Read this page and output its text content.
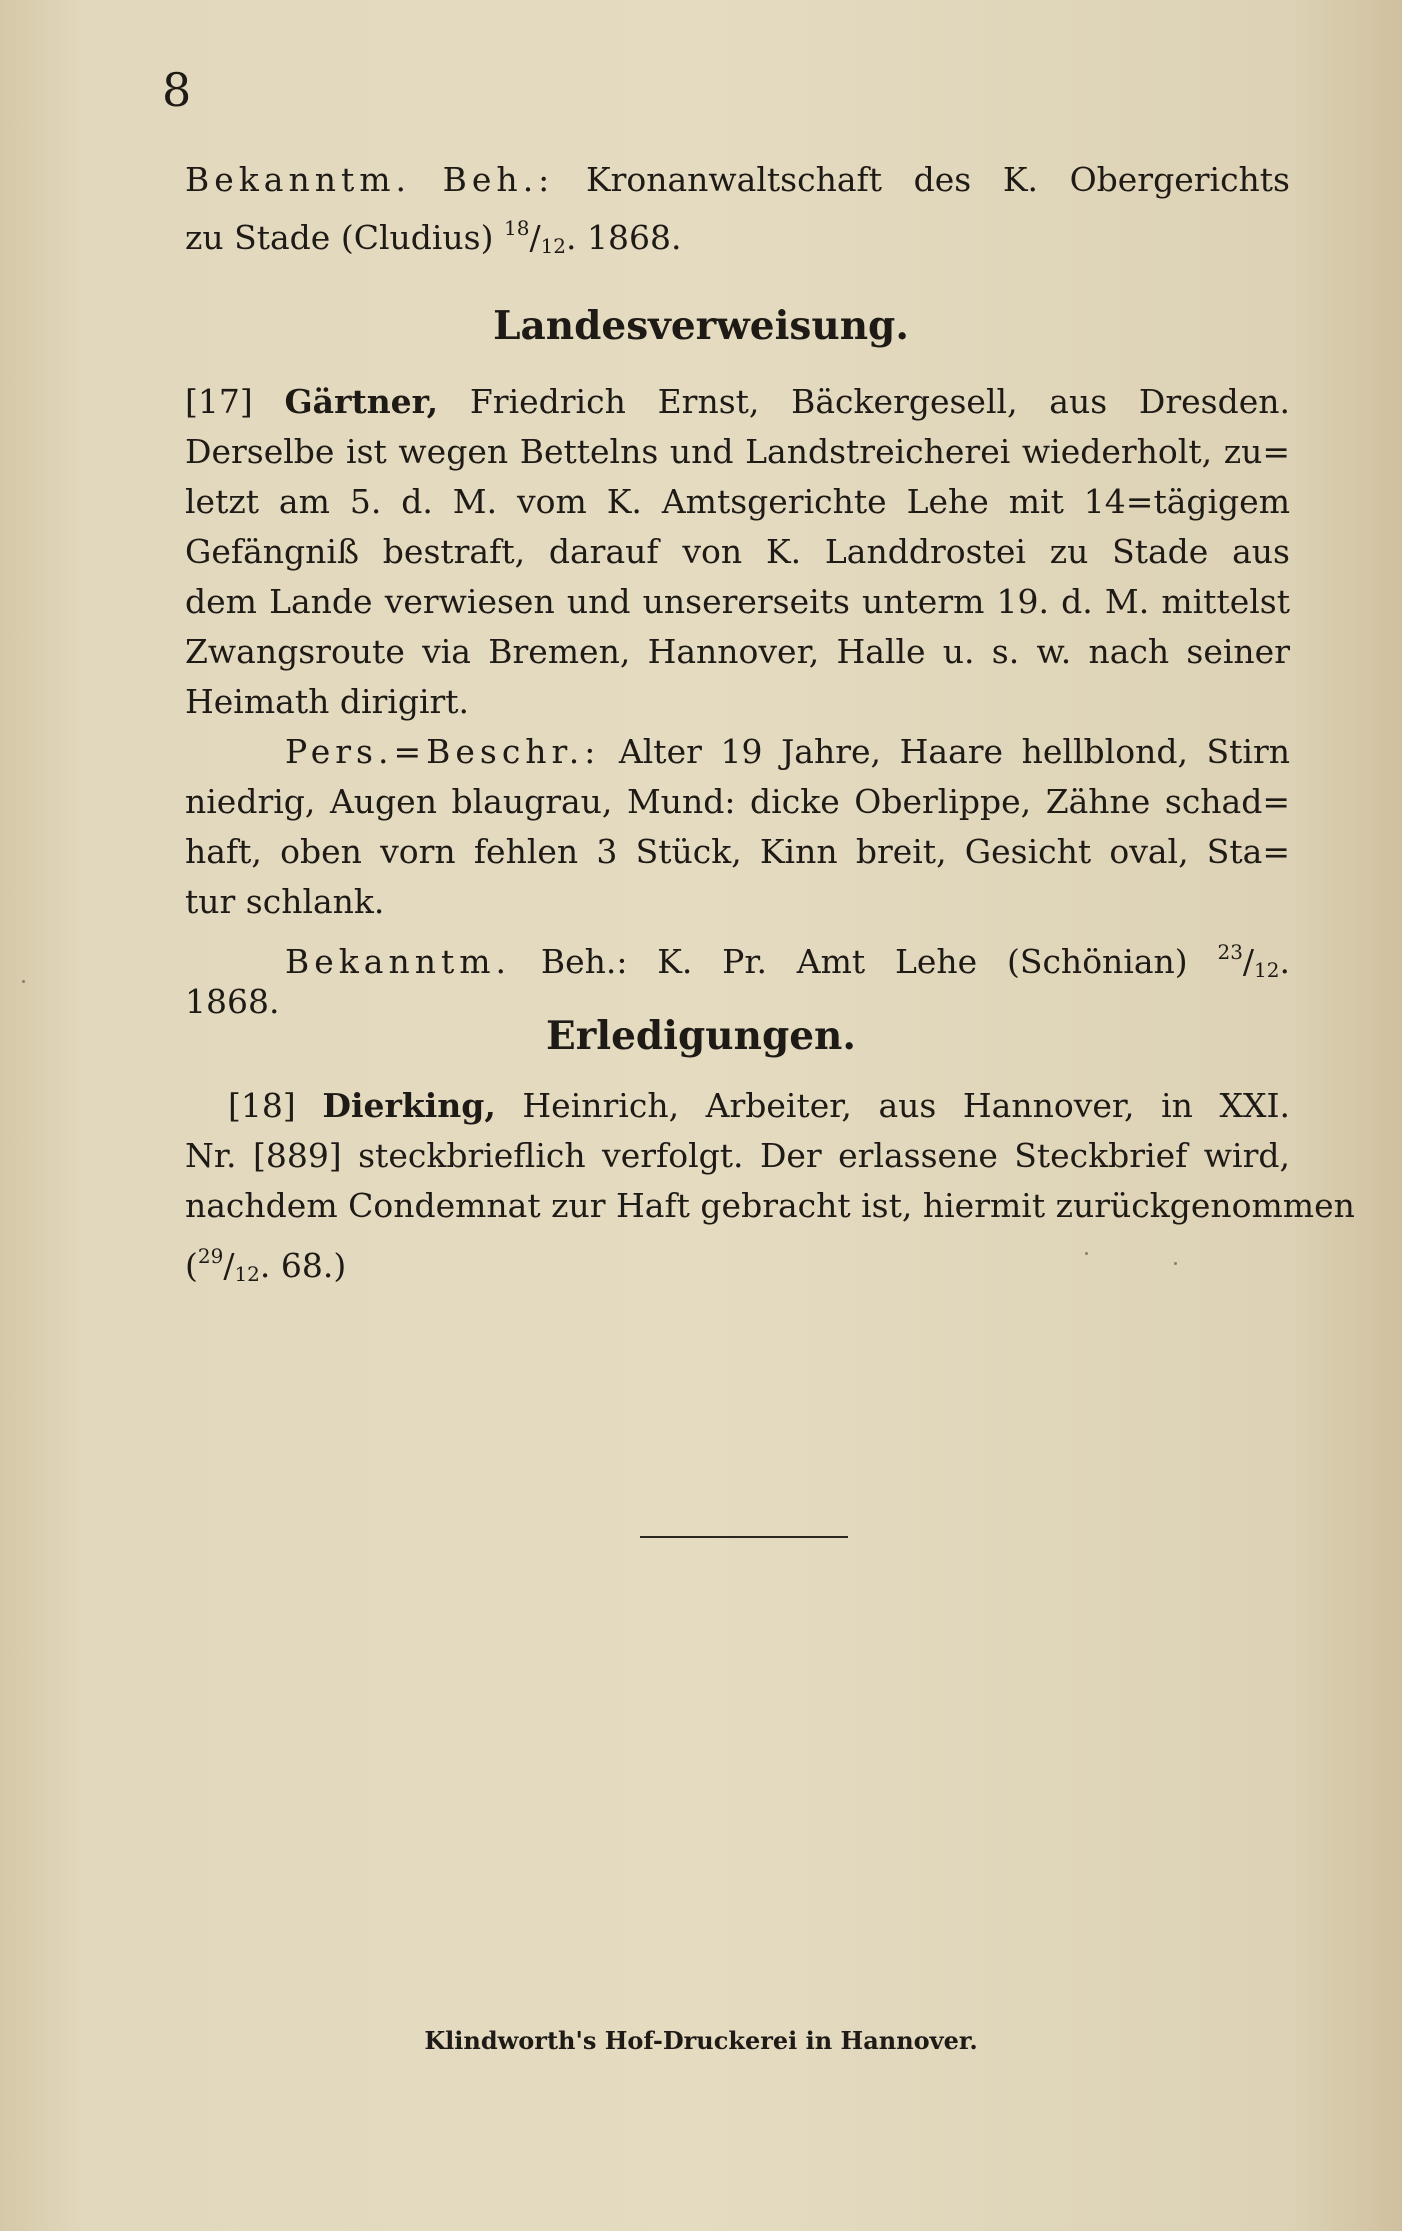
8
Bekanntm. Beh.: Kronanwaltschaft des K. Obergerichts
zu Stade (Cludius) $^{18}/_{12}$. 1868.
Landesverweisung.
[17] Gärtner, Friedrich Ernst, Bäckergesell, aus Dresden.
Derselbe ist wegen Bettelns und Landstreicherei wiederholt, zu=
letzt am 5. d. M. vom K. Amtsgerichte Lehe mit 14=tägigem
Gefängniß bestraft, darauf von K. Landdrostei zu Stade aus
dem Lande verwiesen und unsererseits unterm 19. d. M. mittelst
Zwangsroute via Bremen, Hannover, Halle u. s. w. nach seiner
Heimath dirigirt.
Pers.=Beschr.: Alter 19 Jahre, Haare hellblond, Stirn
niedrig, Augen blaugrau, Mund: dicke Oberlippe, Zähne schad=
haft, oben vorn fehlen 3 Stück, Kinn breit, Gesicht oval, Sta=
tur schlank.
Bekanntm. Beh.: K. Pr. Amt Lehe (Schönian) $^{23}/_{12}$.
1868.
Erledigungen.
[18] Dierking, Heinrich, Arbeiter, aus Hannover, in XXI.
Nr. [889] steckbrieflich verfolgt. Der erlassene Steckbrief wird,
nachdem Condemnat zur Haft gebracht ist, hiermit zurückgenommen
($^{29}/_{12}$. 68.)
Klindworth's Hof-Druckerei in Hannover.
